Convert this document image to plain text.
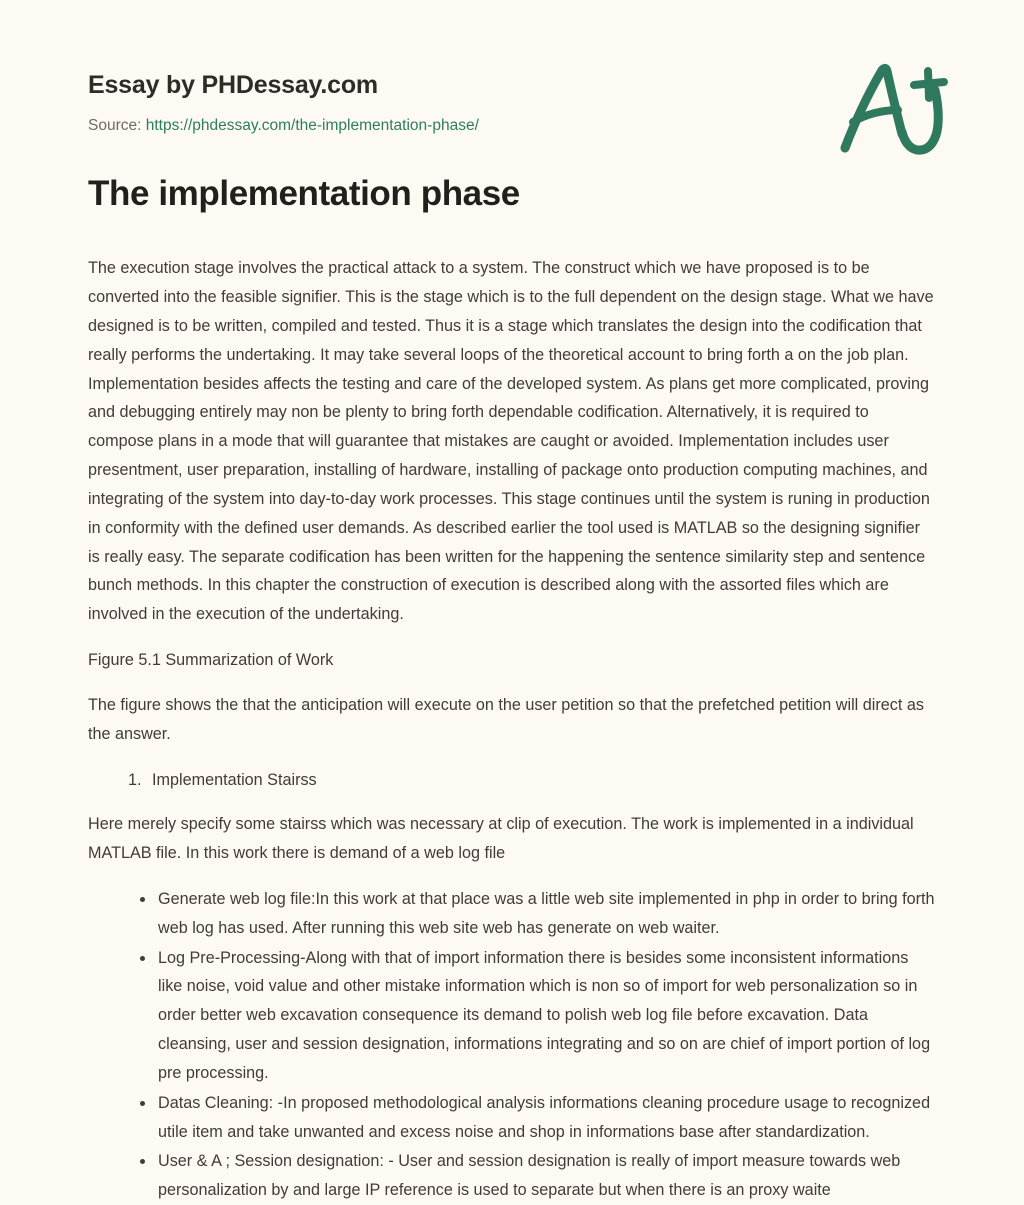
Essay by PHDessay.com
Source: https://phdessay.com/the-implementation-phase/
The implementation phase

The execution stage involves the practical attack to a system. The construct which we have proposed is to be converted into the feasible signifier. This is the stage which is to the full dependent on the design stage. What we have designed is to be written, compiled and tested. Thus it is a stage which translates the design into the codification that really performs the undertaking. It may take several loops of the theoretical account to bring forth a on the job plan. Implementation besides affects the testing and care of the developed system. As plans get more complicated, proving and debugging entirely may non be plenty to bring forth dependable codification. Alternatively, it is required to compose plans in a mode that will guarantee that mistakes are caught or avoided. Implementation includes user presentment, user preparation, installing of hardware, installing of package onto production computing machines, and integrating of the system into day-to-day work processes. This stage continues until the system is runing in production in conformity with the defined user demands. As described earlier the tool used is MATLAB so the designing signifier is really easy. The separate codification has been written for the happening the sentence similarity step and sentence bunch methods. In this chapter the construction of execution is described along with the assorted files which are involved in the execution of the undertaking.

Figure 5.1 Summarization of Work

The figure shows the that the anticipation will execute on the user petition so that the prefetched petition will direct as the answer.

1. Implementation Stairss

Here merely specify some stairss which was necessary at clip of execution. The work is implemented in a individual MATLAB file. In this work there is demand of a web log file

Generate web log file:In this work at that place was a little web site implemented in php in order to bring forth web log has used. After running this web site web has generate on web waiter.
Log Pre-Processing-Along with that of import information there is besides some inconsistent informations like noise, void value and other mistake information which is non so of import for web personalization so in order better web excavation consequence its demand to polish web log file before excavation. Data cleansing, user and session designation, informations integrating and so on are chief of import portion of log pre processing.
Datas Cleaning: -In proposed methodological analysis informations cleaning procedure usage to recognized utile item and take unwanted and excess noise and shop in informations base after standardization.
User & A ; Session designation: - User and session designation is really of import measure towards web personalization by and large IP reference is used to separate but when there is an proxy waite
